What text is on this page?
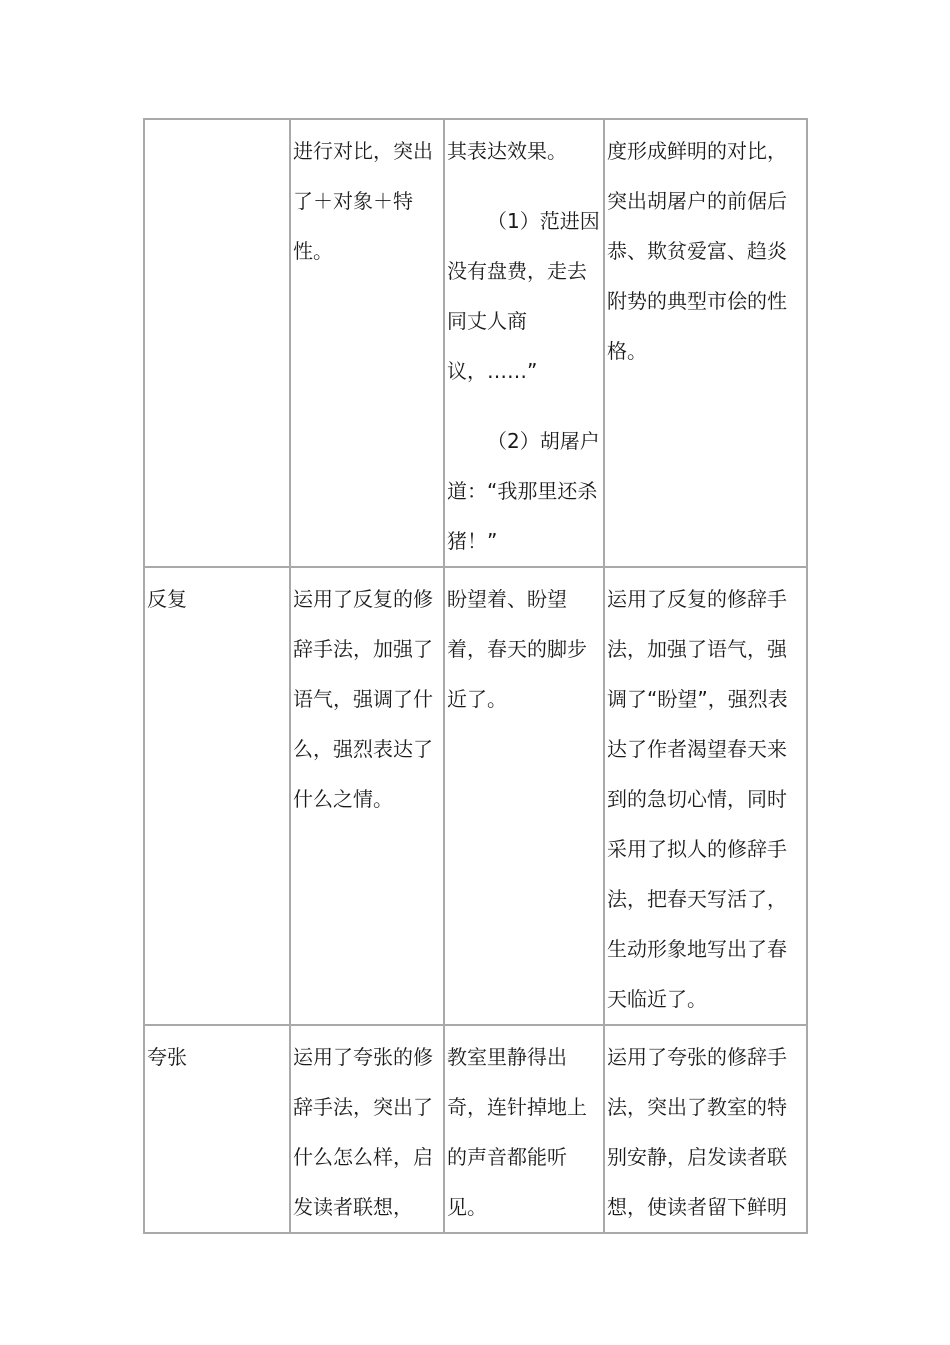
	进行对比，突出了＋对象＋特性。	其表达效果。

（1）范进因没有盘费，走去同丈人商议，……”

（2）胡屠户道：“我那里还杀猪！”	度形成鲜明的对比，突出胡屠户的前倨后恭、欺贫爱富、趋炎附势的典型市侩的性格。

反复	运用了反复的修辞手法，加强了语气，强调了什么，强烈表达了什么之情。	盼望着、盼望着，春天的脚步近了。	运用了反复的修辞手法，加强了语气，强调了“盼望”，强烈表达了作者渴望春天来到的急切心情，同时采用了拟人的修辞手法，把春天写活了，生动形象地写出了春天临近了。

夸张	运用了夸张的修辞手法，突出了什么怎么样，启发读者联想，	教室里静得出奇，连针掉地上的声音都能听见。	运用了夸张的修辞手法，突出了教室的特别安静，启发读者联想，使读者留下鲜明
